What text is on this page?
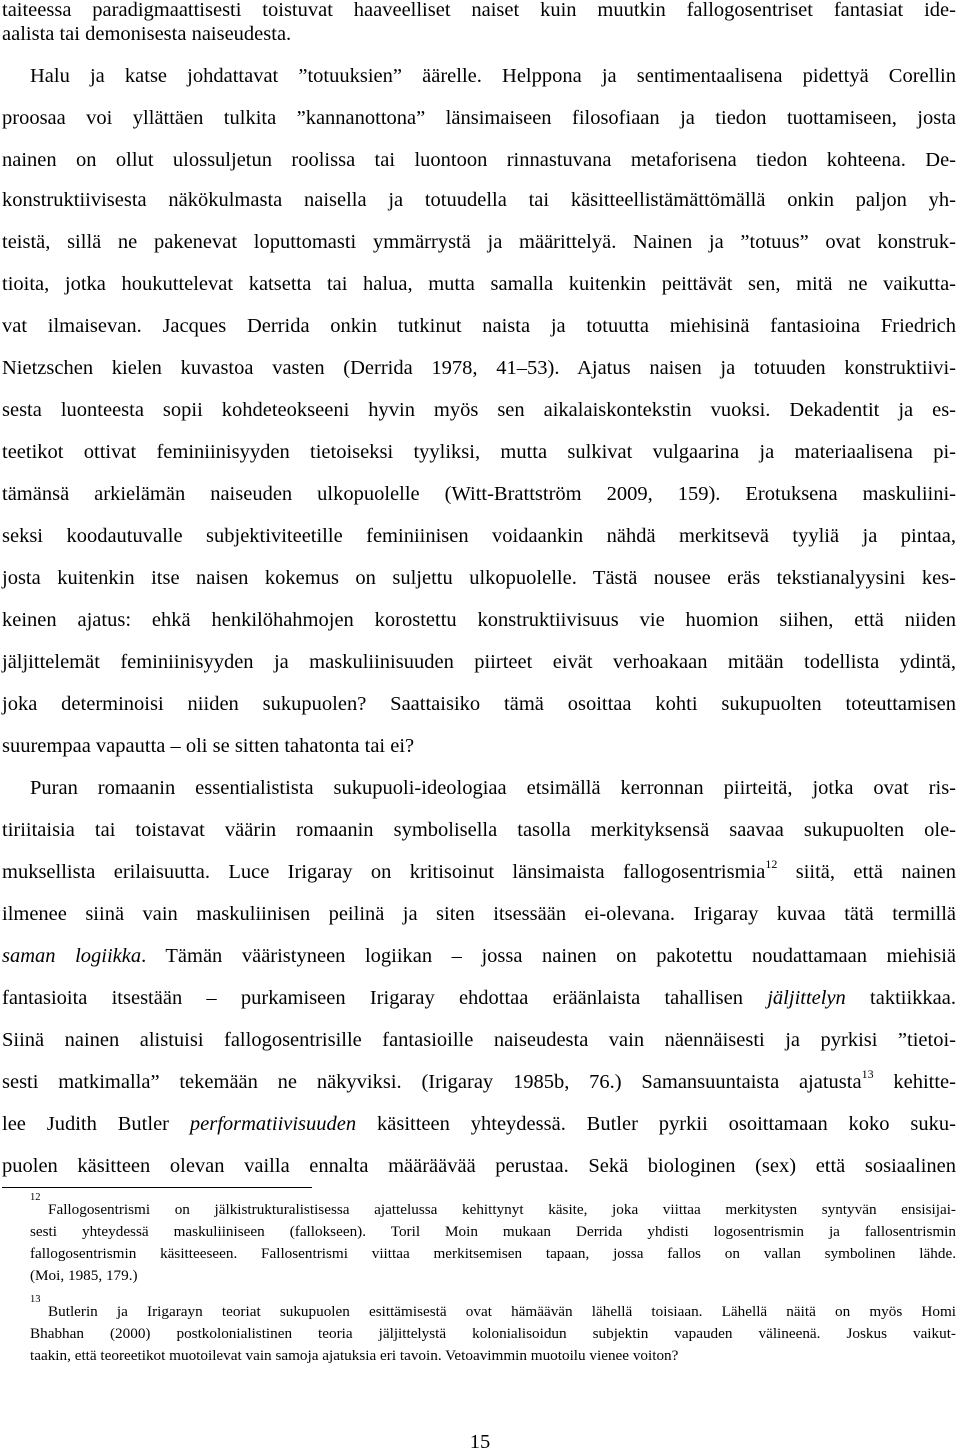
taiteessa paradigmaattisesti toistuvat haaveelliset naiset kuin muutkin fallogosentriset fantasiat ide-
aalista tai demonisesta naiseudesta.
Halu ja katse johdattavat ”totuuksien” äärelle. Helppona ja sentimentaalisena pidettyä Corellin
proosaa voi yllättäen tulkita ”kannanottona” länsimaiseen filosofiaan ja tiedon tuottamiseen, josta
nainen on ollut ulossuljetun roolissa tai luontoon rinnastuvana metaforisena tiedon kohteena. De-
konstruktiivisesta näkökulmasta naisella ja totuudella tai käsitteellistämättömällä onkin paljon yh-
teistä, sillä ne pakenevat loputtomasti ymmärrystä ja määrittelyä. Nainen ja ”totuus” ovat konstruk-
tioita, jotka houkuttelevat katsetta tai halua, mutta samalla kuitenkin peittävät sen, mitä ne vaikutta-
vat ilmaisevan. Jacques Derrida onkin tutkinut naista ja totuutta miehisinä fantasioina Friedrich
Nietzschen kielen kuvastoa vasten (Derrida 1978, 41–53). Ajatus naisen ja totuuden konstruktiivi-
sesta luonteesta sopii kohdeteokseeni hyvin myös sen aikalaiskontekstin vuoksi. Dekadentit ja es-
teetikot ottivat feminiinisyyden tietoiseksi tyyliksi, mutta sulkivat vulgaarina ja materiaalisena pi-
tämänsä arkielämän naiseuden ulkopuolelle (Witt-Brattström 2009, 159). Erotuksena maskuliini-
seksi koodautuvalle subjektiviteetille feminiinisen voidaankin nähdä merkitsevä tyyliä ja pintaa,
josta kuitenkin itse naisen kokemus on suljettu ulkopuolelle. Tästä nousee eräs tekstianalyysini kes-
keinen ajatus: ehkä henkilöhahmojen korostettu konstruktiivisuus vie huomion siihen, että niiden
jäljittelemät feminiinisyyden ja maskuliinisuuden piirteet eivät verhoakaan mitään todellista ydintä,
joka determinoisi niiden sukupuolen? Saattaisiko tämä osoittaa kohti sukupuolten toteuttamisen
suurempaa vapautta – oli se sitten tahatonta tai ei?
Puran romaanin essentialistista sukupuoli-ideologiaa etsimällä kerronnan piirteitä, jotka ovat ris-
tiriitaisia tai toistavat väärin romaanin symbolisella tasolla merkityksensä saavaa sukupuolten ole-
muksellista erilaisuutta. Luce Irigaray on kritisoinut länsimaista fallogosentrismia$^{12}$ siitä, että nainen
ilmenee siinä vain maskuliinisen peilinä ja siten itsessään ei-olevana. Irigaray kuvaa tätä termillä
saman logiikka. Tämän vääristyneen logiikan – jossa nainen on pakotettu noudattamaan miehisiä
fantasioita itsestään – purkamiseen Irigaray ehdottaa eräänlaista tahallisen jäljittelyn taktiikkaa.
Siinä nainen alistuisi fallogosentrisille fantasioille naiseudesta vain näennäisesti ja pyrkisi ”tietoi-
sesti matkimalla” tekemään ne näkyviksi. (Irigaray 1985b, 76.) Samansuuntaista ajatusta$^{13}$ kehitte-
lee Judith Butler performatiivisuuden käsitteen yhteydessä. Butler pyrkii osoittamaan koko suku-
puolen käsitteen olevan vailla ennalta määräävää perustaa. Sekä biologinen (sex) että sosiaalinen
12
Fallogosentrismi on jälkistrukturalistisessa ajattelussa kehittynyt käsite, joka viittaa merkitysten syntyvän ensisijai-
sesti yhteydessä maskuliiniseen (fallokseen). Toril Moin mukaan Derrida yhdisti logosentrismin ja fallosentrismin
fallogosentrismin käsitteeseen. Fallosentrismi viittaa merkitsemisen tapaan, jossa fallos on vallan symbolinen lähde.
(Moi, 1985, 179.)
13
Butlerin ja Irigarayn teoriat sukupuolen esittämisestä ovat hämäävän lähellä toisiaan. Lähellä näitä on myös Homi
Bhabhan (2000) postkolonialistinen teoria jäljittelystä kolonialisoidun subjektin vapauden välineenä. Joskus vaikut-
taakin, että teoreetikot muotoilevat vain samoja ajatuksia eri tavoin. Vetoavimmin muotoilu vienee voiton?
15
